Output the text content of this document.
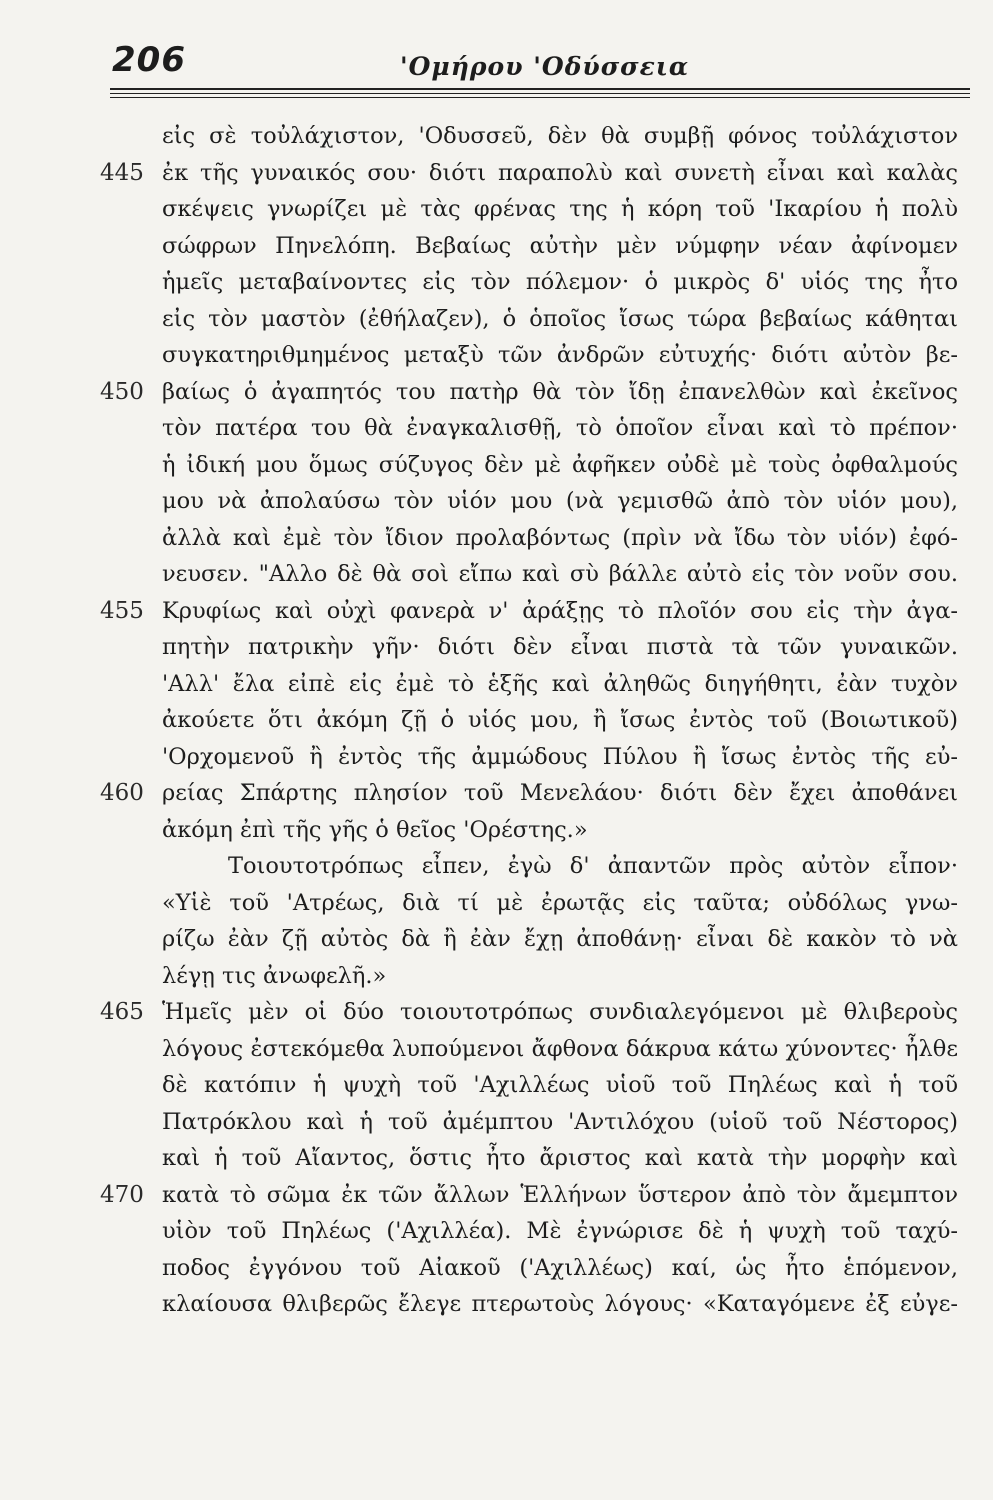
206	'Ομήρου 'Οδύσσεια
εἰς σὲ τοὐλάχιστον, 'Οδυσσεῦ, δὲν θὰ συμβῇ φόνος τοὐλάχιστον
ἐκ τῆς γυναικός σου· διότι παραπολὺ καὶ συνετὴ εἶναι καὶ καλὰς
445
σκέψεις γνωρίζει μὲ τὰς φρένας της ἡ κόρη τοῦ 'Ικαρίου ἡ πολὺ
σώφρων Πηνελόπη. Βεβαίως αὐτὴν μὲν νύμφην νέαν ἀφίνομεν
ἡμεῖς μεταβαίνοντες εἰς τὸν πόλεμον· ὁ μικρὸς δ' υἱός της ἦτο
εἰς τὸν μαστὸν (ἐθήλαζεν), ὁ ὁποῖος ἴσως τώρα βεβαίως κάθηται
συγκατηριθμημένος μεταξὺ τῶν ἀνδρῶν εὐτυχής· διότι αὐτὸν βε-
βαίως ὁ ἀγαπητός του πατὴρ θὰ τὸν ἴδῃ ἐπανελθὼν καὶ ἐκεῖνος
450
τὸν πατέρα του θὰ ἐναγκαλισθῇ, τὸ ὁποῖον εἶναι καὶ τὸ πρέπον·
ἡ ἰδική μου ὅμως σύζυγος δὲν μὲ ἀφῆκεν οὐδὲ μὲ τοὺς ὀφθαλμούς
μου νὰ ἀπολαύσω τὸν υἱόν μου (νὰ γεμισθῶ ἀπὸ τὸν υἱόν μου),
ἀλλὰ καὶ ἐμὲ τὸν ἴδιον προλαβόντως (πρὶν νὰ ἴδω τὸν υἱόν) ἐφό-
νευσεν. "Αλλο δὲ θὰ σοὶ εἴπω καὶ σὺ βάλλε αὐτὸ εἰς τὸν νοῦν σου.
Κρυφίως καὶ οὐχὶ φανερὰ ν' ἀράξῃς τὸ πλοῖόν σου εἰς τὴν ἀγα-
455
πητὴν πατρικὴν γῆν· διότι δὲν εἶναι πιστὰ τὰ τῶν γυναικῶν.
'Αλλ' ἔλα εἰπὲ εἰς ἐμὲ τὸ ἑξῆς καὶ ἀληθῶς διηγήθητι, ἐὰν τυχὸν
ἀκούετε ὅτι ἀκόμη ζῇ ὁ υἱός μου, ἢ ἴσως ἐντὸς τοῦ (Βοιωτικοῦ)
'Ορχομενοῦ ἢ ἐντὸς τῆς ἀμμώδους Πύλου ἢ ἴσως ἐντὸς τῆς εὐ-
ρείας Σπάρτης πλησίον τοῦ Μενελάου· διότι δὲν ἔχει ἀποθάνει
460
ἀκόμη ἐπὶ τῆς γῆς ὁ θεῖος 'Ορέστης.»
Τοιουτοτρόπως εἶπεν, ἐγὼ δ' ἀπαντῶν πρὸς αὐτὸν εἶπον·
«Υἱὲ τοῦ 'Ατρέως, διὰ τί μὲ ἐρωτᾷς εἰς ταῦτα; οὐδόλως γνω-
ρίζω ἐὰν ζῇ αὐτὸς δὰ ἢ ἐὰν ἔχῃ ἀποθάνῃ· εἶναι δὲ κακὸν τὸ νὰ
λέγῃ τις ἀνωφελῆ.»
Ἡμεῖς μὲν οἱ δύο τοιουτοτρόπως συνδιαλεγόμενοι μὲ θλιβεροὺς
465
λόγους ἐστεκόμεθα λυπούμενοι ἄφθονα δάκρυα κάτω χύνοντες· ἦλθε
δὲ κατόπιν ἡ ψυχὴ τοῦ 'Αχιλλέως υἱοῦ τοῦ Πηλέως καὶ ἡ τοῦ
Πατρόκλου καὶ ἡ τοῦ ἀμέμπτου 'Αντιλόχου (υἱοῦ τοῦ Νέστορος)
καὶ ἡ τοῦ Αἴαντος, ὅστις ἦτο ἄριστος καὶ κατὰ τὴν μορφὴν καὶ
κατὰ τὸ σῶμα ἐκ τῶν ἄλλων Ἑλλήνων ὕστερον ἀπὸ τὸν ἄμεμπτον
470
υἱὸν τοῦ Πηλέως ('Αχιλλέα). Μὲ ἐγνώρισε δὲ ἡ ψυχὴ τοῦ ταχύ-
ποδος ἐγγόνου τοῦ Αἰακοῦ ('Αχιλλέως) καί, ὡς ἦτο ἑπόμενον,
κλαίουσα θλιβερῶς ἔλεγε πτερωτοὺς λόγους· «Καταγόμενε ἐξ εὐγε-
